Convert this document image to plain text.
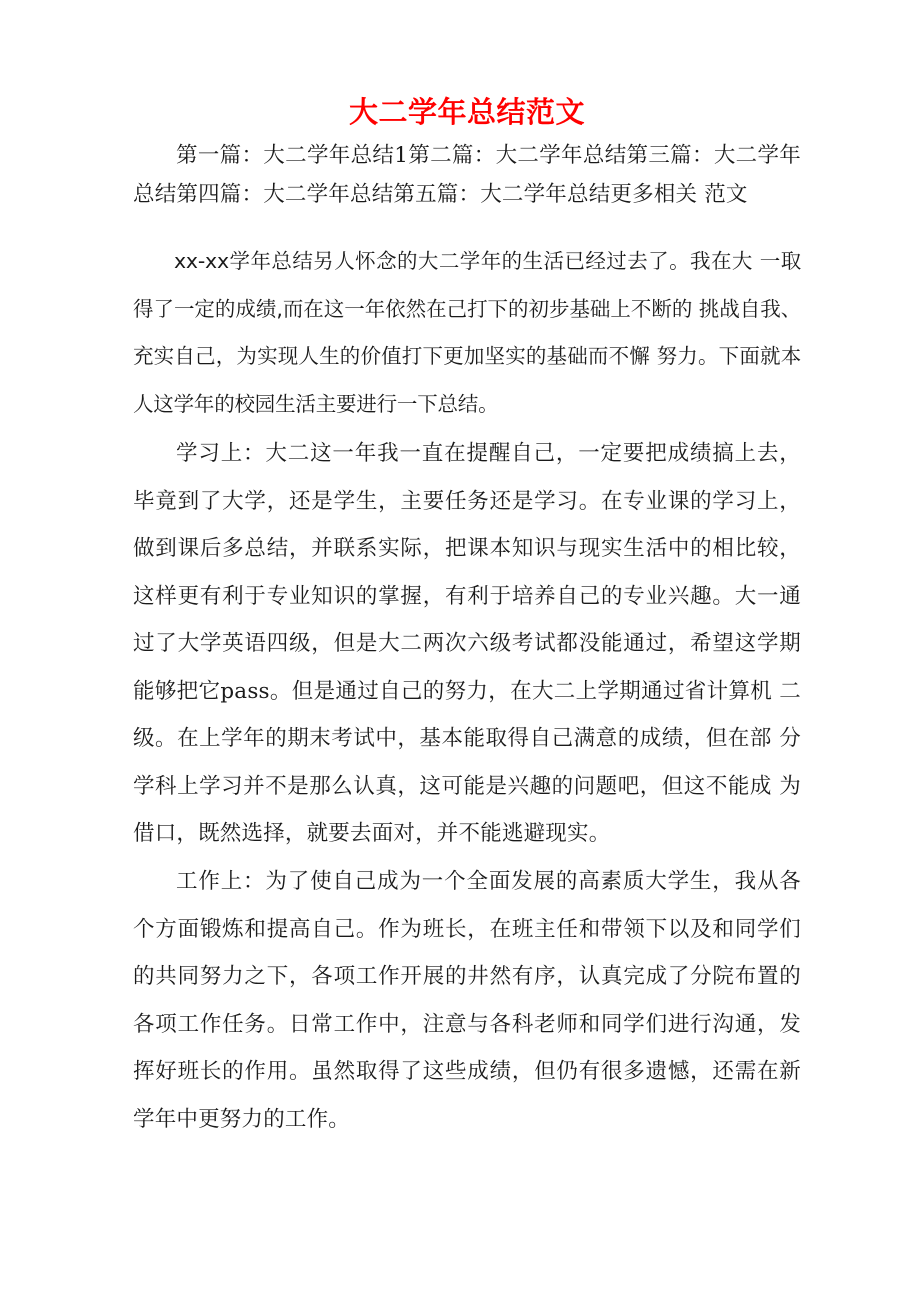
大二学年总结范文

第一篇：大二学年总结1第二篇：大二学年总结第三篇：大二学年总结第四篇：大二学年总结第五篇：大二学年总结更多相关 范文

xx-xx学年总结另人怀念的大二学年的生活已经过去了。我在大 一取得了一定的成绩,而在这一年依然在己打下的初步基础上不断的 挑战自我、充实自己，为实现人生的价值打下更加坚实的基础而不懈 努力。下面就本人这学年的校园生活主要进行一下总结。

学习上：大二这一年我一直在提醒自己，一定要把成绩搞上去，毕竟到了大学，还是学生，主要任务还是学习。在专业课的学习上，做到课后多总结，并联系实际，把课本知识与现实生活中的相比较，这样更有利于专业知识的掌握，有利于培养自己的专业兴趣。大一通过了大学英语四级，但是大二两次六级考试都没能通过，希望这学期能够把它pass。但是通过自己的努力，在大二上学期通过省计算机 二级。在上学年的期末考试中，基本能取得自己满意的成绩，但在部 分学科上学习并不是那么认真，这可能是兴趣的问题吧，但这不能成 为借口，既然选择，就要去面对，并不能逃避现实。

工作上：为了使自己成为一个全面发展的高素质大学生，我从各个方面锻炼和提高自己。作为班长，在班主任和带领下以及和同学们的共同努力之下，各项工作开展的井然有序，认真完成了分院布置的各项工作任务。日常工作中，注意与各科老师和同学们进行沟通，发挥好班长的作用。虽然取得了这些成绩，但仍有很多遗憾，还需在新学年中更努力的工作。
